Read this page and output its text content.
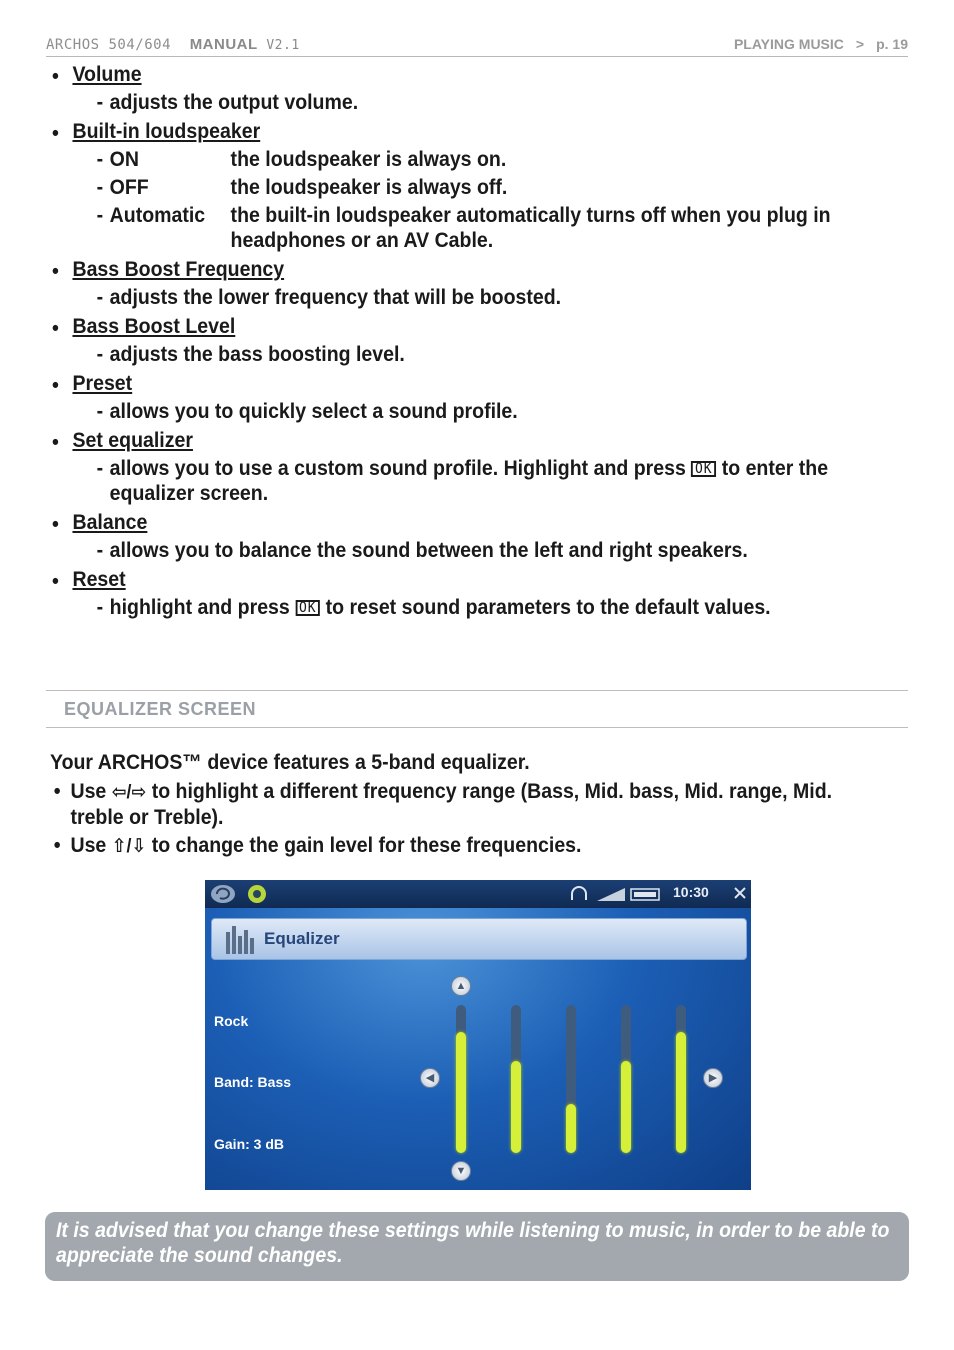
ARCHOS 504/604 MANUAL V2.1	PLAYING MUSIC > p. 19
• Volume
- adjusts the output volume.
• Built-in loudspeaker
- ON	the loudspeaker is always on.
- OFF	the loudspeaker is always off.
- Automatic the built-in loudspeaker automatically turns off when you plug in headphones or an AV Cable.
• Bass Boost Frequency
- adjusts the lower frequency that will be boosted.
• Bass Boost Level
- adjusts the bass boosting level.
• Preset
- allows you to quickly select a sound profile.
• Set equalizer
- allows you to use a custom sound profile. Highlight and press OK to enter the equalizer screen.
• Balance
- allows you to balance the sound between the left and right speakers.
• Reset
- highlight and press OK to reset sound parameters to the default values.
EQUALIZER SCREEN
Your ARCHOS™ device features a 5-band equalizer.
• Use ⇦/⇨ to highlight a different frequency range (Bass, Mid. bass, Mid. range, Mid. treble or Treble).
• Use ⇧/⇩ to change the gain level for these frequencies.
10:30
Equalizer
Rock
Band: Bass
Gain: 3 dB
▲
▼
◀	▶
It is advised that you change these settings while listening to music, in order to be able to appreciate the sound changes.
